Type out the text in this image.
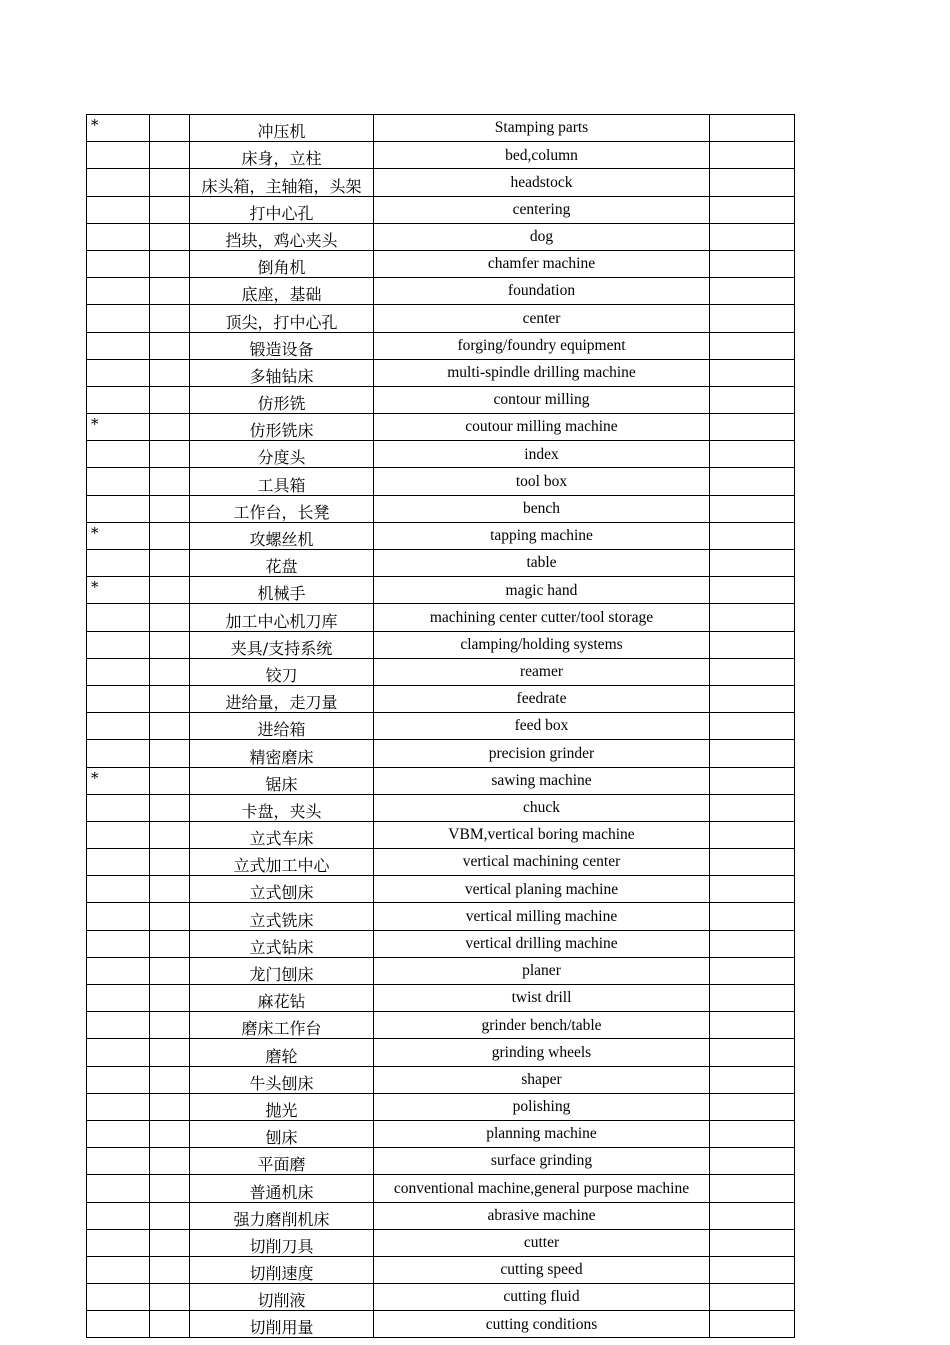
*		冲压机	Stamping parts	
		床身，立柱	bed,column	
		床头箱，主轴箱，头架	headstock	
		打中心孔	centering	
		挡块，鸡心夹头	dog	
		倒角机	chamfer machine	
		底座，基础	foundation	
		顶尖，打中心孔	center	
		锻造设备	forging/foundry equipment	
		多轴钻床	multi-spindle drilling machine	
		仿形铣	contour milling	
*		仿形铣床	coutour milling machine	
		分度头	index	
		工具箱	tool box	
		工作台，长凳	bench	
*		攻螺丝机	tapping machine	
		花盘	table	
*		机械手	magic hand	
		加工中心机刀库	machining center cutter/tool storage	
		夹具/支持系统	clamping/holding systems	
		铰刀	reamer	
		进给量，走刀量	feedrate	
		进给箱	feed box	
		精密磨床	precision grinder	
*		锯床	sawing machine	
		卡盘，夹头	chuck	
		立式车床	VBM,vertical boring machine	
		立式加工中心	vertical machining center	
		立式刨床	vertical planing machine	
		立式铣床	vertical milling machine	
		立式钻床	vertical drilling machine	
		龙门刨床	planer	
		麻花钻	twist drill	
		磨床工作台	grinder bench/table	
		磨轮	grinding wheels	
		牛头刨床	shaper	
		抛光	polishing	
		刨床	planning machine	
		平面磨	surface grinding	
		普通机床	conventional machine,general purpose machine	
		强力磨削机床	abrasive machine	
		切削刀具	cutter	
		切削速度	cutting speed	
		切削液	cutting fluid	
		切削用量	cutting conditions	
